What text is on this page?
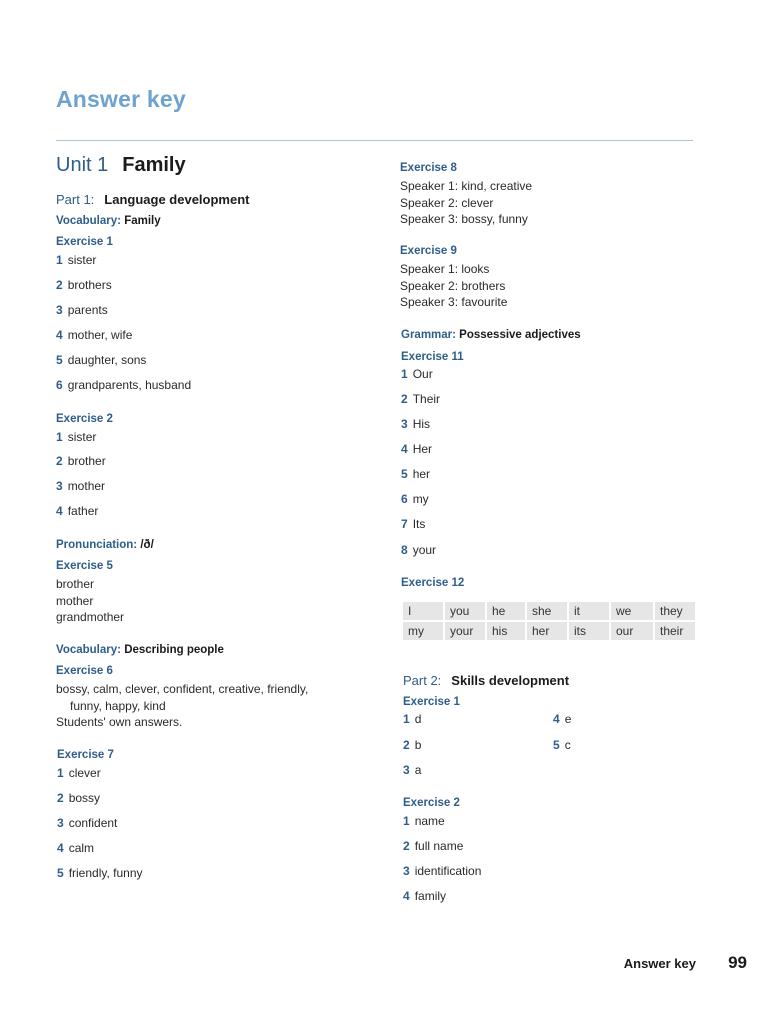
Answer key
Unit 1 Family
Part 1: Language development
Vocabulary: Family
Exercise 1
1 sister
2 brothers
3 parents
4 mother, wife
5 daughter, sons
6 grandparents, husband
Exercise 2
1 sister
2 brother
3 mother
4 father
Pronunciation: /ð/
Exercise 5
brother
mother
grandmother
Vocabulary: Describing people
Exercise 6
bossy, calm, clever, confident, creative, friendly,
funny, happy, kind
Students' own answers.
Exercise 7
1 clever
2 bossy
3 confident
4 calm
5 friendly, funny
Exercise 8
Speaker 1: kind, creative
Speaker 2: clever
Speaker 3: bossy, funny
Exercise 9
Speaker 1: looks
Speaker 2: brothers
Speaker 3: favourite
Grammar: Possessive adjectives
Exercise 11
1 Our
2 Their
3 His
4 Her
5 her
6 my
7 Its
8 your
Exercise 12
I	you	he	she	it	we	they
my	your	his	her	its	our	their
Part 2: Skills development
Exercise 1
1 d
2 b
3 a
4 e
5 c
Exercise 2
1 name
2 full name
3 identification
4 family
Answer key 99
